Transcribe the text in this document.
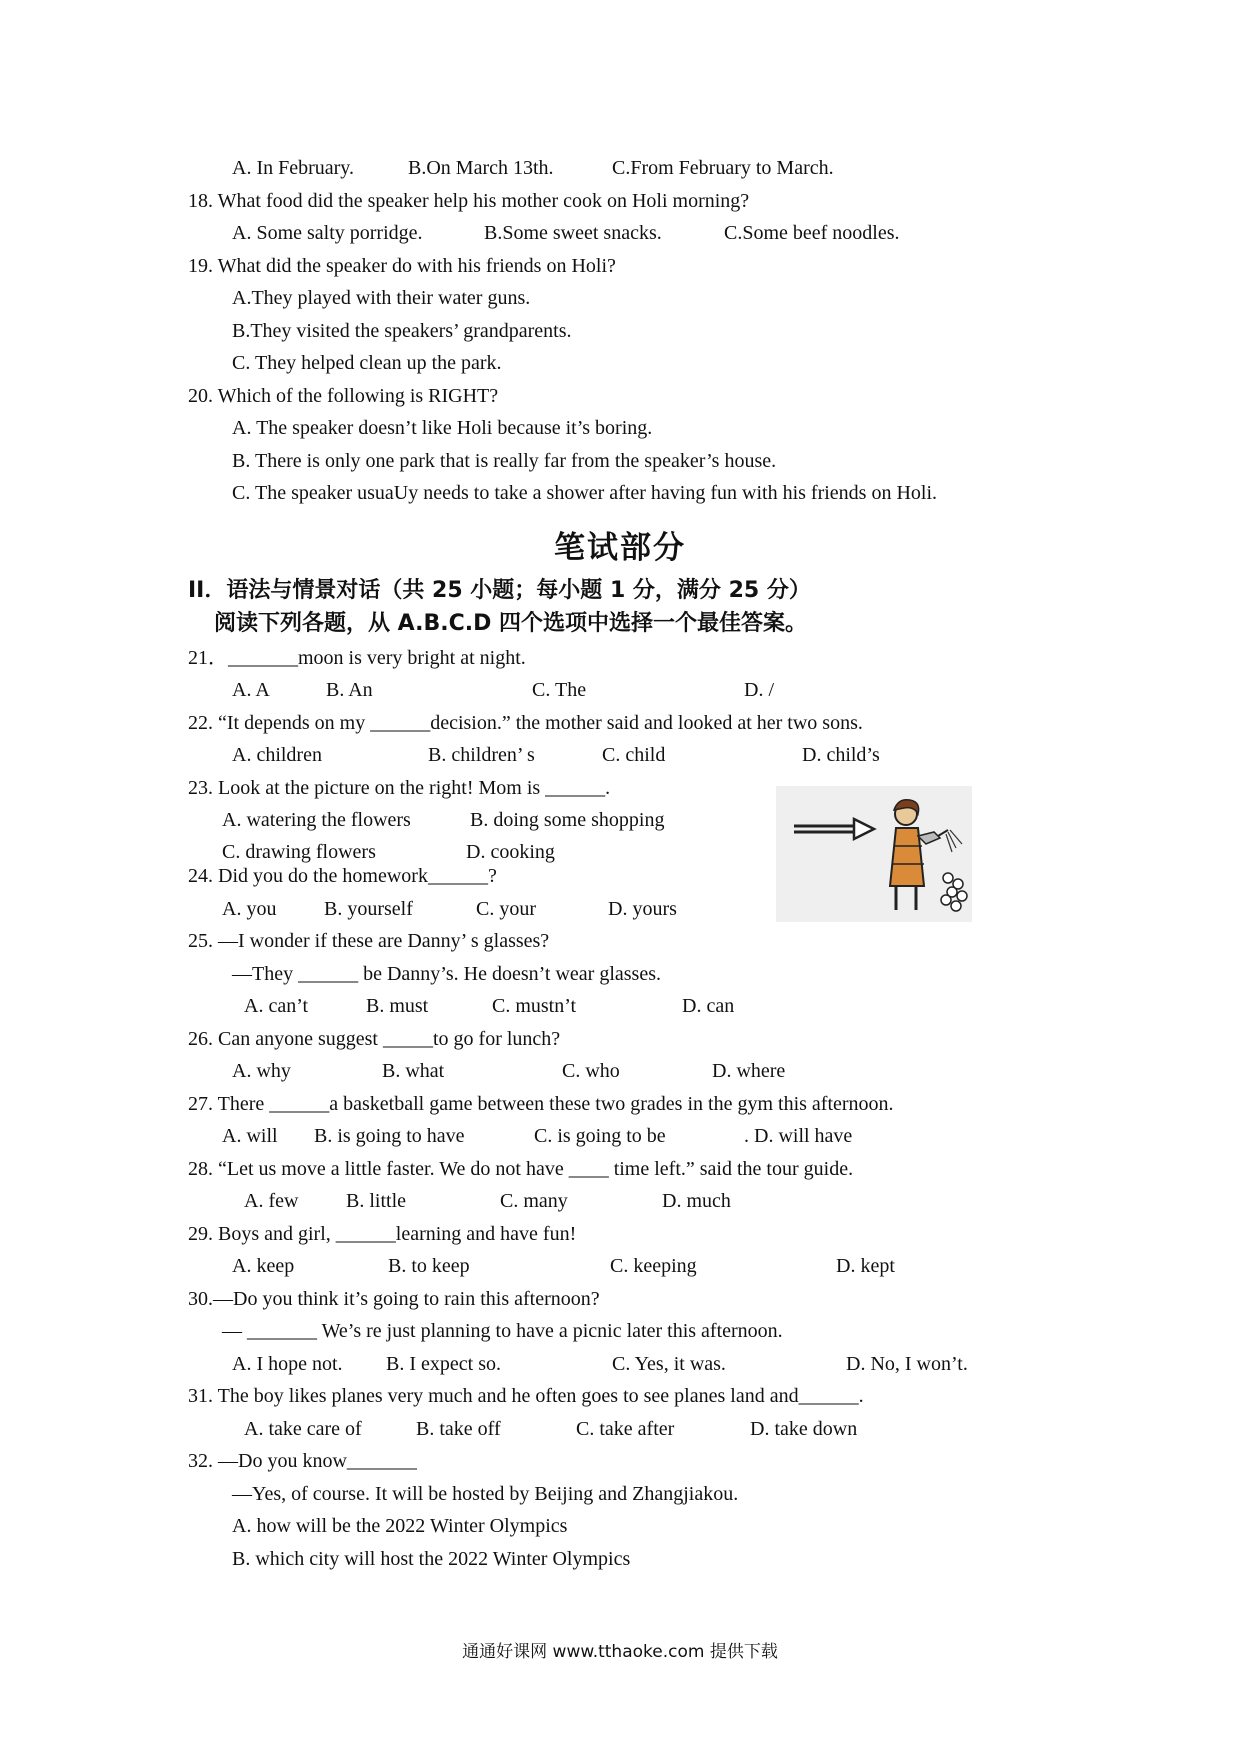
A. In February.	B.On March 13th.	C.From February to March.
18. What food did the speaker help his mother cook on Holi morning?
A. Some salty porridge.	B.Some sweet snacks.	C.Some beef noodles.
19. What did the speaker do with his friends on Holi?
A.They played with their water guns.
B.They visited the speakers’ grandparents.
C. They helped clean up the park.
20. Which of the following is RIGHT?
A. The speaker doesn’t like Holi because it’s boring.
B. There is only one park that is really far from the speaker’s house.
C. The speaker usuaUy needs to take a shower after having fun with his friends on Holi.
笔试部分
II．语法与情景对话（共 25 小题；每小题 1 分，满分 25 分）
阅读下列各题，从 A.B.C.D 四个选项中选择一个最佳答案。
21．_______moon is very bright at night.
A. A	B. An	C. The	D. /
22. “It depends on my ______decision.” the mother said and looked at her two sons.
A. children	B. children’ s	C. child	D. child’s
23. Look at the picture on the right! Mom is ______.
A. watering the flowers	B. doing some shopping
C. drawing flowers	D. cooking
24. Did you do the homework______?
A. you B. yourself	C. your	D. yours
25. —I wonder if these are Danny’ s glasses?
—They ______ be Danny’s. He doesn’t wear glasses.
A. can’t	B. must	C. mustn’t	D. can
26. Can anyone suggest _____to go for lunch?
A. why	B. what	C. who	D. where
27. There ______a basketball game between these two grades in the gym this afternoon.
A. will B. is going to have	C. is going to be	. D. will have
28. “Let us move a little faster. We do not have ____ time left.” said the tour guide.
A. few B. little	C. many	D. much
29. Boys and girl, ______learning and have fun!
A. keep	B. to keep	C. keeping	D. kept
30.—Do you think it’s going to rain this afternoon?
— _______ We’s re just planning to have a picnic later this afternoon.
A. I hope not. B. I expect so.	C. Yes, it was.	D. No, I won’t.
31. The boy likes planes very much and he often goes to see planes land and______.
A. take care of	B. take off	C. take after	D. take down
32. —Do you know_______
—Yes, of course. It will be hosted by Beijing and Zhangjiakou.
A. how will be the 2022 Winter Olympics
B. which city will host the 2022 Winter Olympics
通通好课网 www.tthaoke.com 提供下载
